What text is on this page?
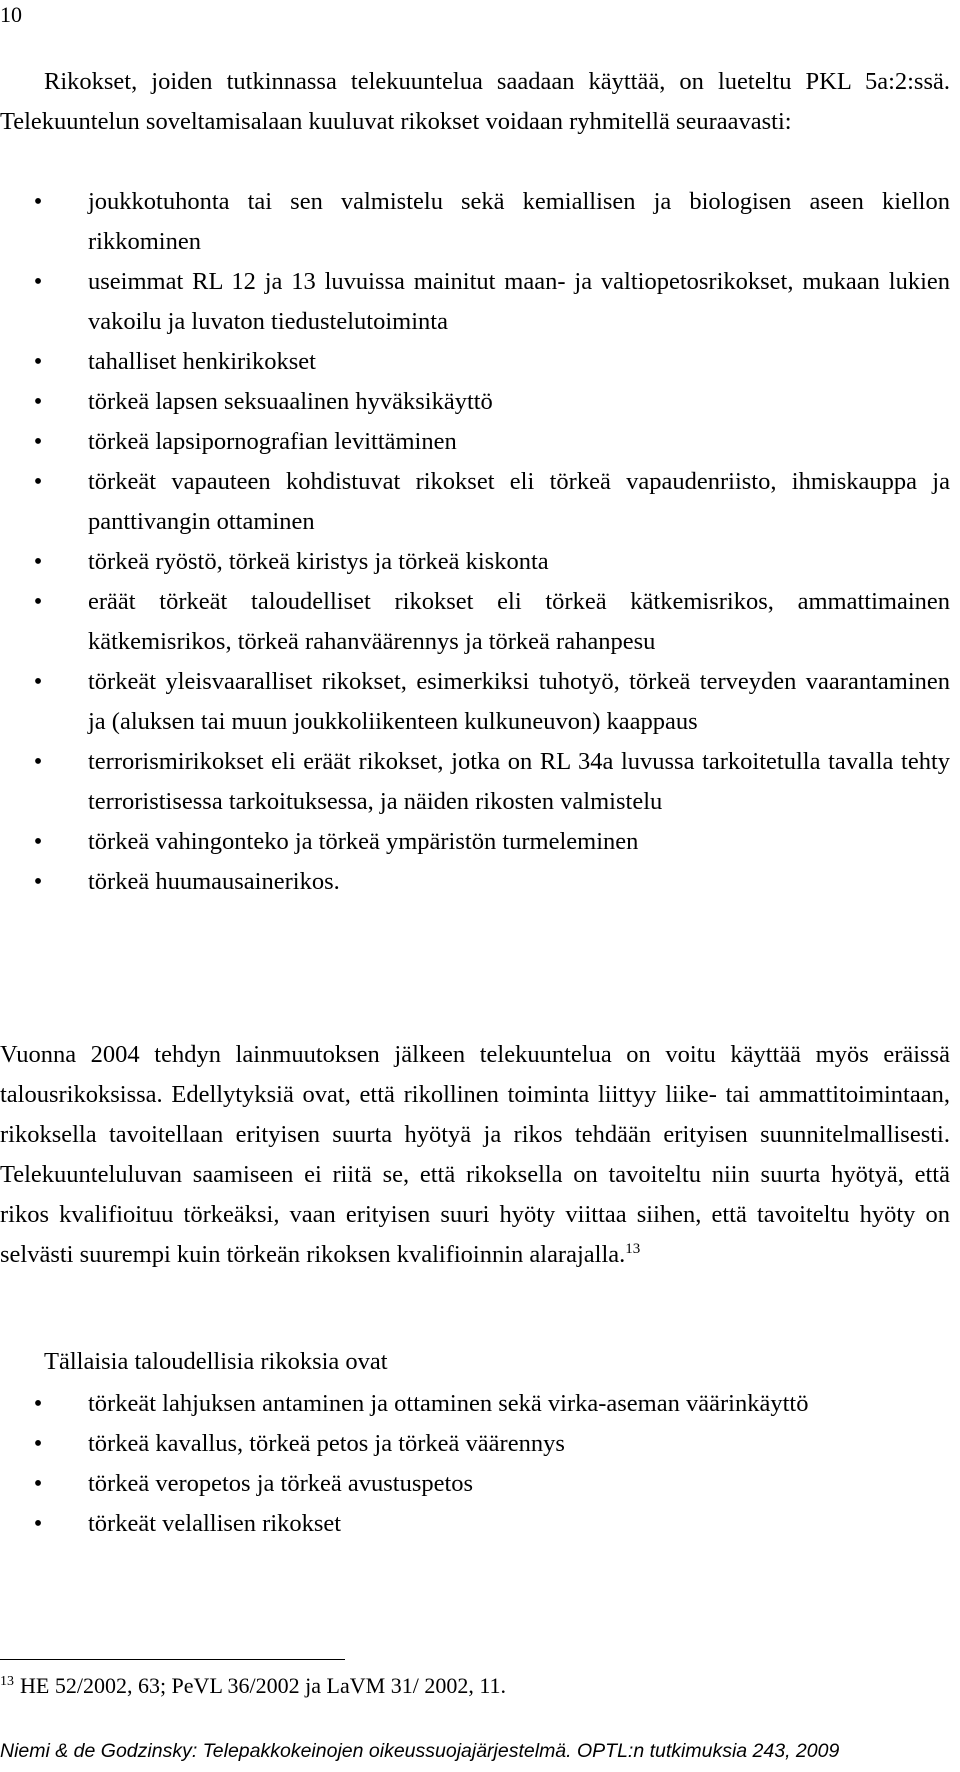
10

Rikokset, joiden tutkinnassa telekuuntelua saadaan käyttää, on lueteltu PKL 5a:2:ssä. Telekuuntelun soveltamisalaan kuuluvat rikokset voidaan ryhmitellä seuraavasti:

• joukkotuhonta tai sen valmistelu sekä kemiallisen ja biologisen aseen kiellon rikkominen
• useimmat RL 12 ja 13 luvuissa mainitut maan- ja valtiopetosrikokset, mukaan lukien vakoilu ja luvaton tiedustelutoiminta
• tahalliset henkirikokset
• törkeä lapsen seksuaalinen hyväksikäyttö
• törkeä lapsipornografian levittäminen
• törkeät vapauteen kohdistuvat rikokset eli törkeä vapaudenriisto, ihmiskauppa ja panttivangin ottaminen
• törkeä ryöstö, törkeä kiristys ja törkeä kiskonta
• eräät törkeät taloudelliset rikokset eli törkeä kätkemisrikos, ammattimainen kätkemisrikos, törkeä rahanväärennys ja törkeä rahanpesu
• törkeät yleisvaaralliset rikokset, esimerkiksi tuhotyö, törkeä terveyden vaarantaminen ja (aluksen tai muun joukkoliikenteen kulkuneuvon) kaappaus
• terrorismirikokset eli eräät rikokset, jotka on RL 34a luvussa tarkoitetulla tavalla tehty terroristisessa tarkoituksessa, ja näiden rikosten valmistelu
• törkeä vahingonteko ja törkeä ympäristön turmeleminen
• törkeä huumausainerikos.

Vuonna 2004 tehdyn lainmuutoksen jälkeen telekuuntelua on voitu käyttää myös eräissä talousrikoksissa. Edellytyksiä ovat, että rikollinen toiminta liittyy liike- tai ammattitoimintaan, rikoksella tavoitellaan erityisen suurta hyötyä ja rikos tehdään erityisen suunnitelmallisesti. Telekuunteluluvan saamiseen ei riitä se, että rikoksella on tavoiteltu niin suurta hyötyä, että rikos kvalifioituu törkeäksi, vaan erityisen suuri hyöty viittaa siihen, että tavoiteltu hyöty on selvästi suurempi kuin törkeän rikoksen kvalifioinnin alarajalla.$^{13}$

Tällaisia taloudellisia rikoksia ovat

• törkeät lahjuksen antaminen ja ottaminen sekä virka-aseman väärinkäyttö
• törkeä kavallus, törkeä petos ja törkeä väärennys
• törkeä veropetos ja törkeä avustuspetos
• törkeät velallisen rikokset
$^{13}$ HE 52/2002, 63; PeVL 36/2002 ja LaVM 31/ 2002, 11.
Niemi & de Godzinsky: Telepakkokeinojen oikeussuojajärjestelmä. OPTL:n tutkimuksia 243, 2009
